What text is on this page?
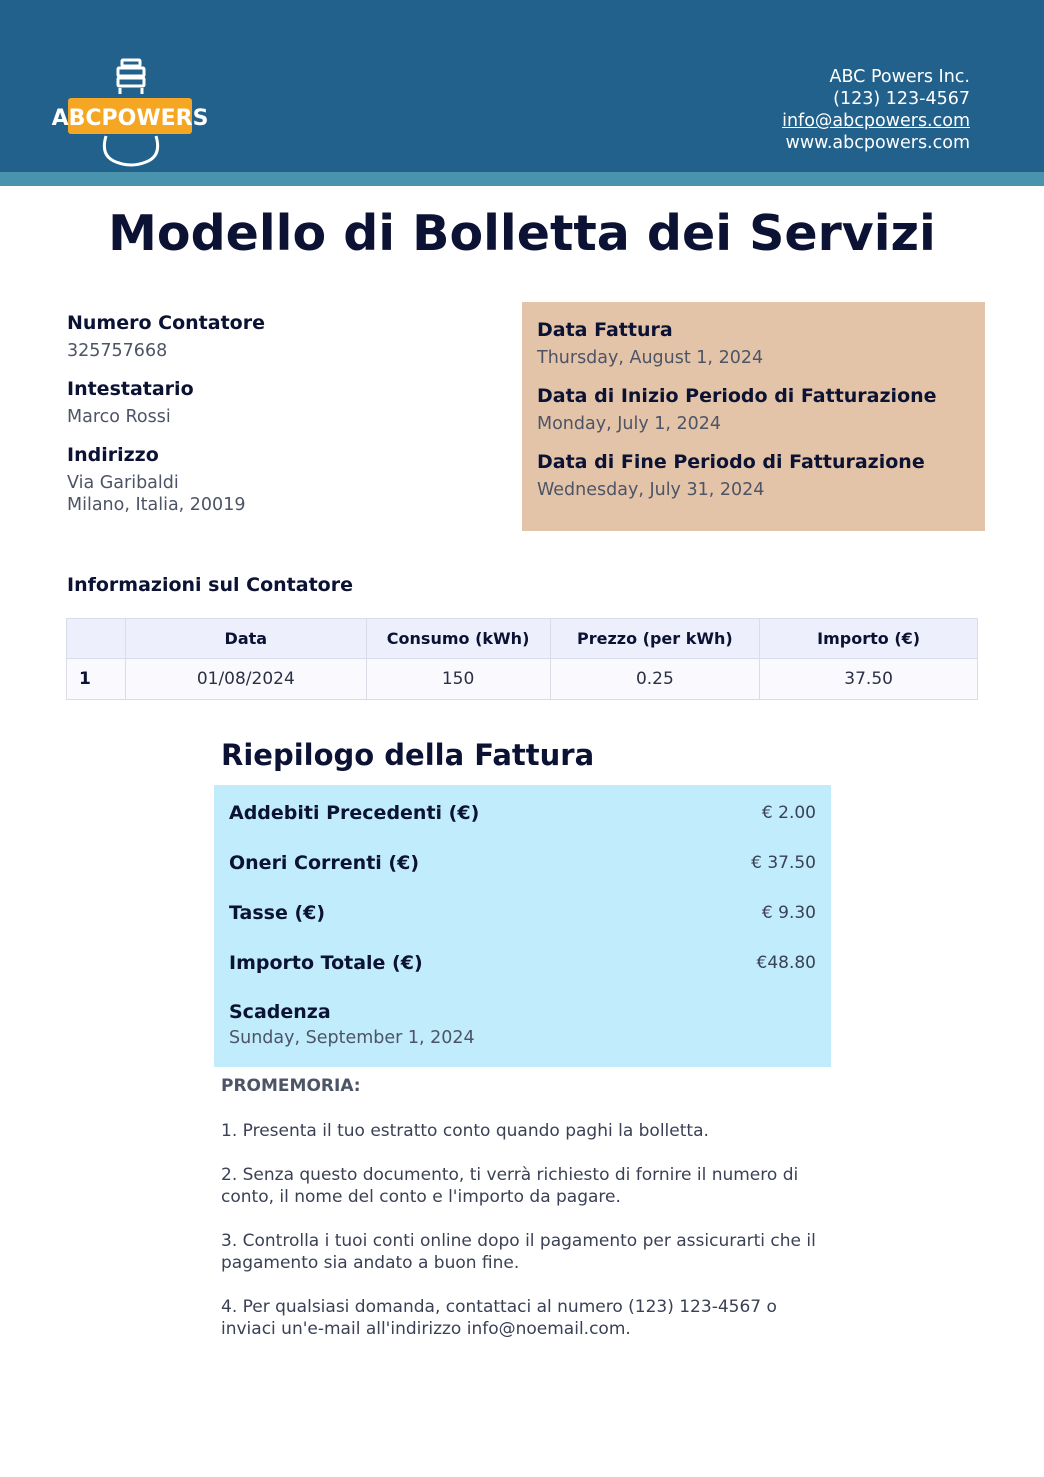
ABCPOWERS
ABC Powers Inc.
(123) 123-4567
info@abcpowers.com
www.abcpowers.com
Modello di Bolletta dei Servizi
Numero Contatore
325757668
Intestatario
Marco Rossi
Indirizzo
Via Garibaldi
Milano, Italia, 20019
Data Fattura
Thursday, August 1, 2024
Data di Inizio Periodo di Fatturazione
Monday, July 1, 2024
Data di Fine Periodo di Fatturazione
Wednesday, July 31, 2024
Informazioni sul Contatore
	Data	Consumo (kWh)	Prezzo (per kWh)	Importo (€)
1	01/08/2024	150	0.25	37.50
Riepilogo della Fattura
Addebiti Precedenti (€)	€ 2.00
Oneri Correnti (€)	€ 37.50
Tasse (€)	€ 9.30
Importo Totale (€)	€48.80
Scadenza
Sunday, September 1, 2024
PROMEMORIA:

1. Presenta il tuo estratto conto quando paghi la bolletta.

2. Senza questo documento, ti verrà richiesto di fornire il numero di conto, il nome del conto e l'importo da pagare.

3. Controlla i tuoi conti online dopo il pagamento per assicurarti che il pagamento sia andato a buon fine.

4. Per qualsiasi domanda, contattaci al numero (123) 123-4567 o inviaci un'e-mail all'indirizzo info@noemail.com.
